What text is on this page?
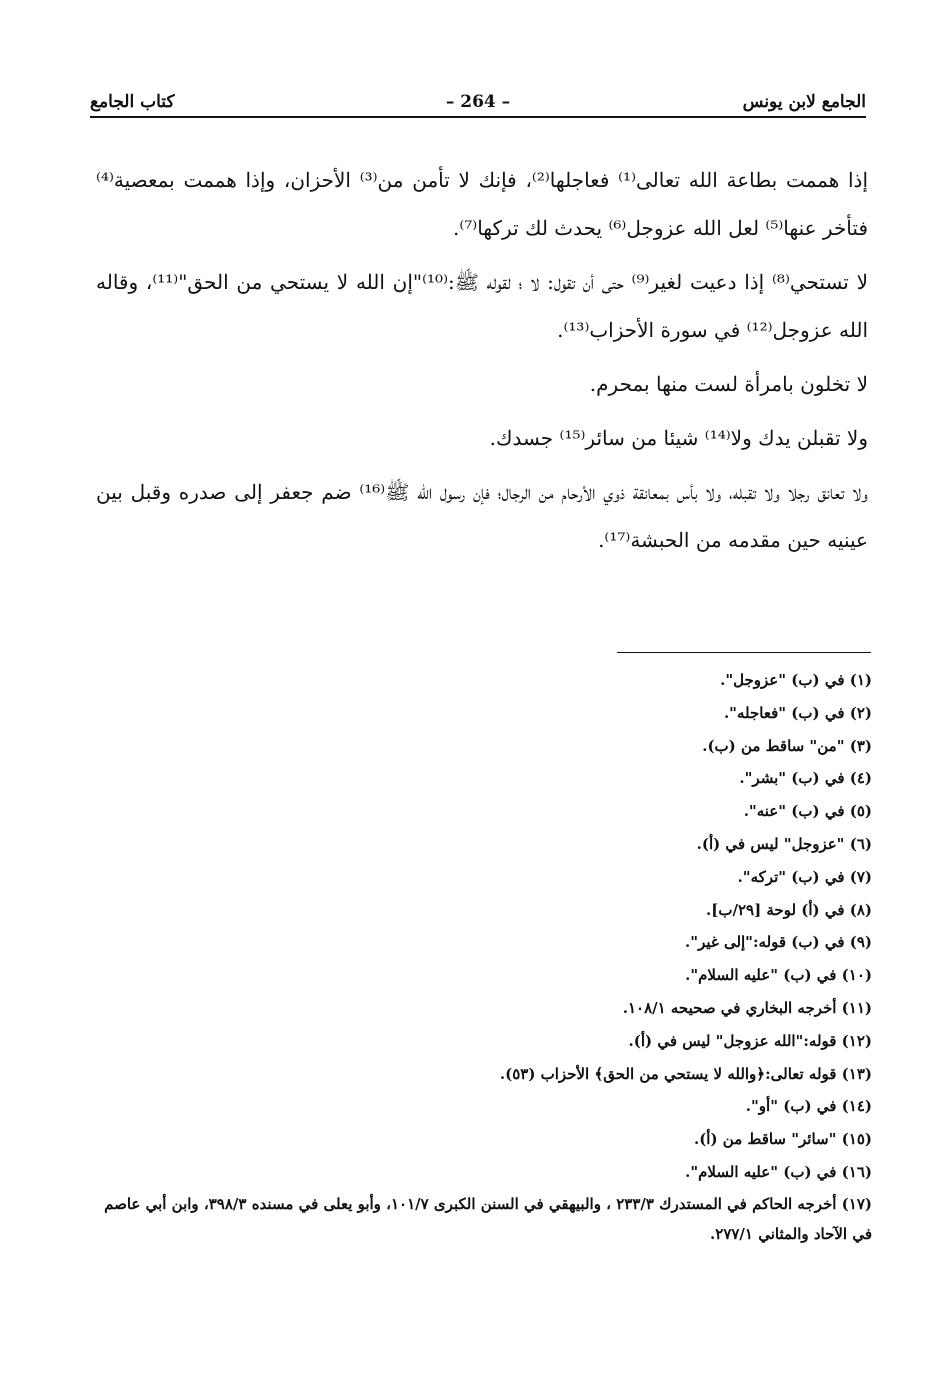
الجامع لابن يونس
– 264 –
كتاب الجامع

إذا هممت بطاعة الله تعالى⁽¹⁾ فعاجلها⁽²⁾، فإنك لا تأمن من⁽³⁾ الأحزان، وإذا هممت بمعصية⁽⁴⁾ فتأخر عنها⁽⁵⁾ لعل الله عزوجل⁽⁶⁾ يحدث لك تركها⁽⁷⁾.

لا تستحي⁽⁸⁾ إذا دعيت لغير⁽⁹⁾ حتى أن تقول: لا ؛ لقوله ﷺ:⁽¹⁰⁾"إن الله لا يستحي من الحق"⁽¹¹⁾، وقاله الله عزوجل⁽¹²⁾ في سورة الأحزاب⁽¹³⁾.

لا تخلون بامرأة لست منها بمحرم.

ولا تقبلن يدك ولا⁽¹⁴⁾ شيئا من سائر⁽¹⁵⁾ جسدك.

ولا تعانق رجلا ولا تقبله، ولا بأس بمعانقة ذوي الأرحام من الرجال؛ فإن رسول الله ﷺ⁽¹⁶⁾ ضم جعفر إلى صدره وقبل بين عينيه حين مقدمه من الحبشة⁽¹⁷⁾.

(١) في (ب) "عزوجل".
(٢) في (ب) "فعاجله".
(٣) "من" ساقط من (ب).
(٤) في (ب) "بشر".
(٥) في (ب) "عنه".
(٦) "عزوجل" ليس في (أ).
(٧) في (ب) "تركه".
(٨) في (أ) لوحة [٢٩/ب].
(٩) في (ب) قوله:"إلى غير".
(١٠) في (ب) "عليه السلام".
(١١) أخرجه البخاري في صحيحه ١٠٨/١.
(١٢) قوله:"الله عزوجل" ليس في (أ).
(١٣) قوله تعالى:﴿والله لا يستحي من الحق﴾ الأحزاب (٥٣).
(١٤) في (ب) "أو".
(١٥) "سائر" ساقط من (أ).
(١٦) في (ب) "عليه السلام".
(١٧) أخرجه الحاكم في المستدرك ٢٣٣/٣ ، والبيهقي في السنن الكبرى ١٠١/٧، وأبو يعلى في مسنده ٣٩٨/٣، وابن أبي عاصم في الآحاد والمثاني ٢٧٧/١.
